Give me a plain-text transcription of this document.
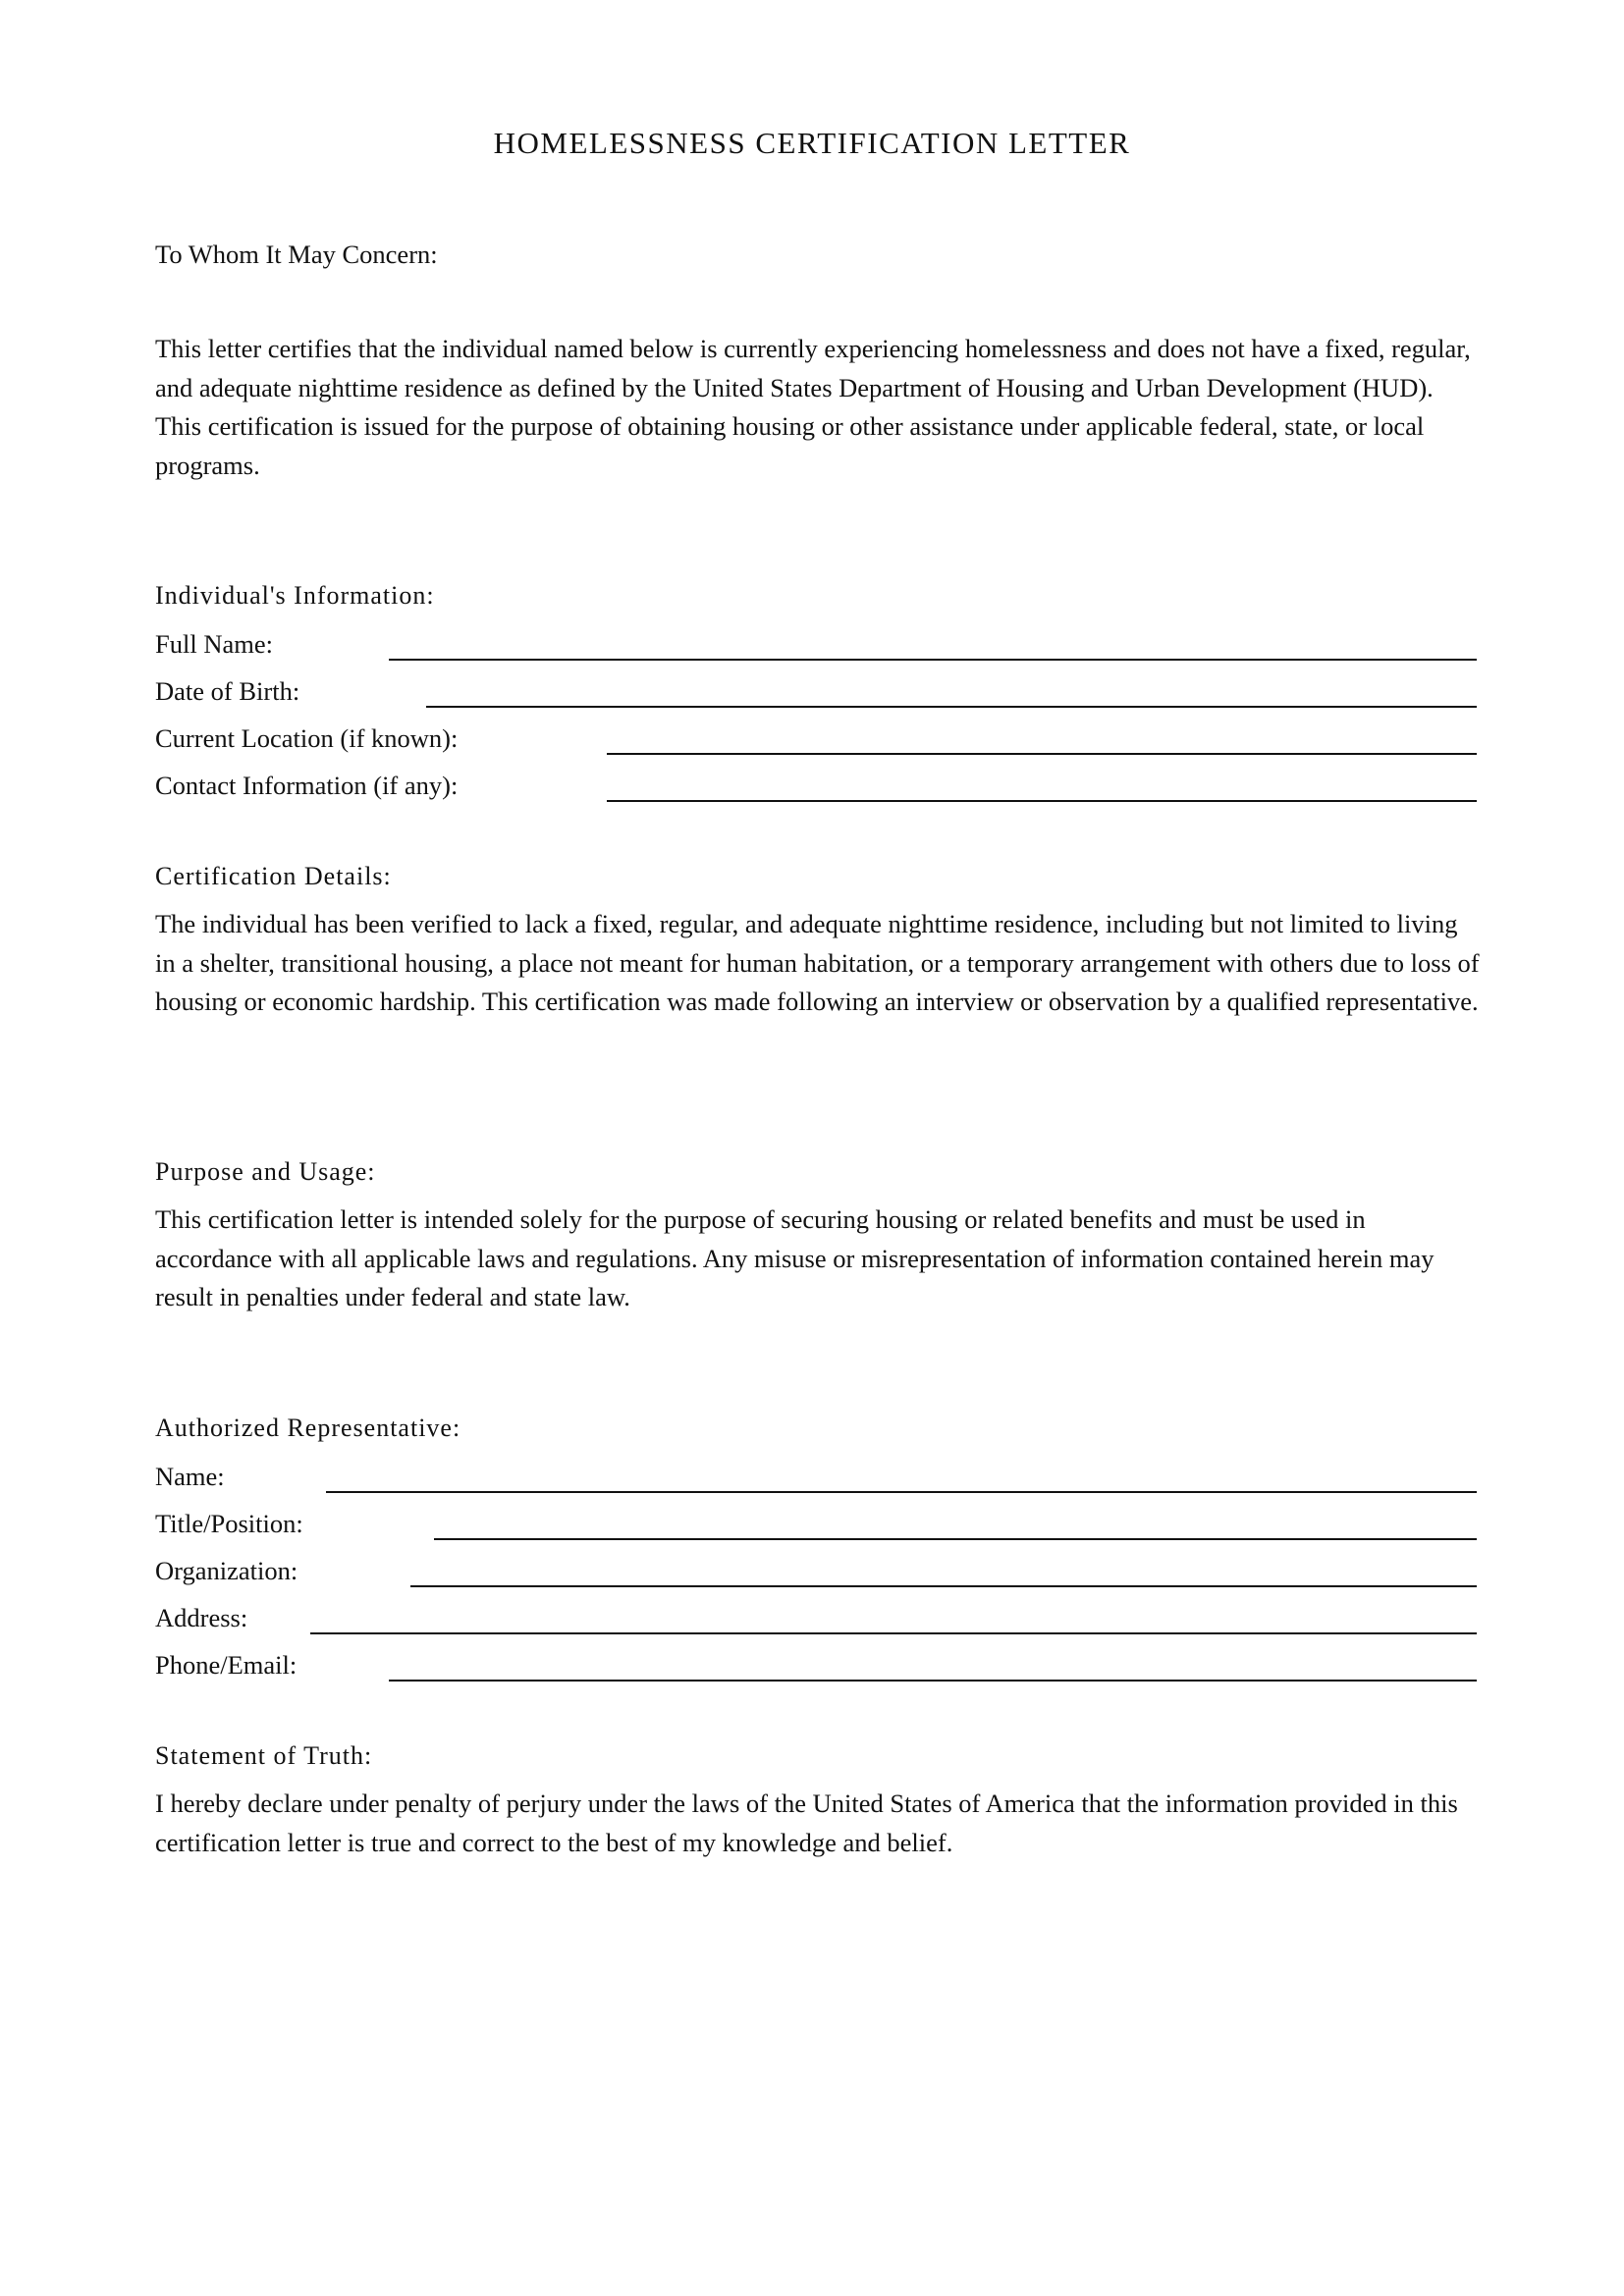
HOMELESSNESS CERTIFICATION LETTER
To Whom It May Concern:
This letter certifies that the individual named below is currently experiencing homelessness and does not have a fixed, regular, and adequate nighttime residence as defined by the United States Department of Housing and Urban Development (HUD). This certification is issued for the purpose of obtaining housing or other assistance under applicable federal, state, or local programs.
Individual's Information:
Full Name:
Date of Birth:
Current Location (if known):
Contact Information (if any):
Certification Details:
The individual has been verified to lack a fixed, regular, and adequate nighttime residence, including but not limited to living in a shelter, transitional housing, a place not meant for human habitation, or a temporary arrangement with others due to loss of housing or economic hardship. This certification was made following an interview or observation by a qualified representative.
Purpose and Usage:
This certification letter is intended solely for the purpose of securing housing or related benefits and must be used in accordance with all applicable laws and regulations. Any misuse or misrepresentation of information contained herein may result in penalties under federal and state law.
Authorized Representative:
Name:
Title/Position:
Organization:
Address:
Phone/Email:
Statement of Truth:
I hereby declare under penalty of perjury under the laws of the United States of America that the information provided in this certification letter is true and correct to the best of my knowledge and belief.
